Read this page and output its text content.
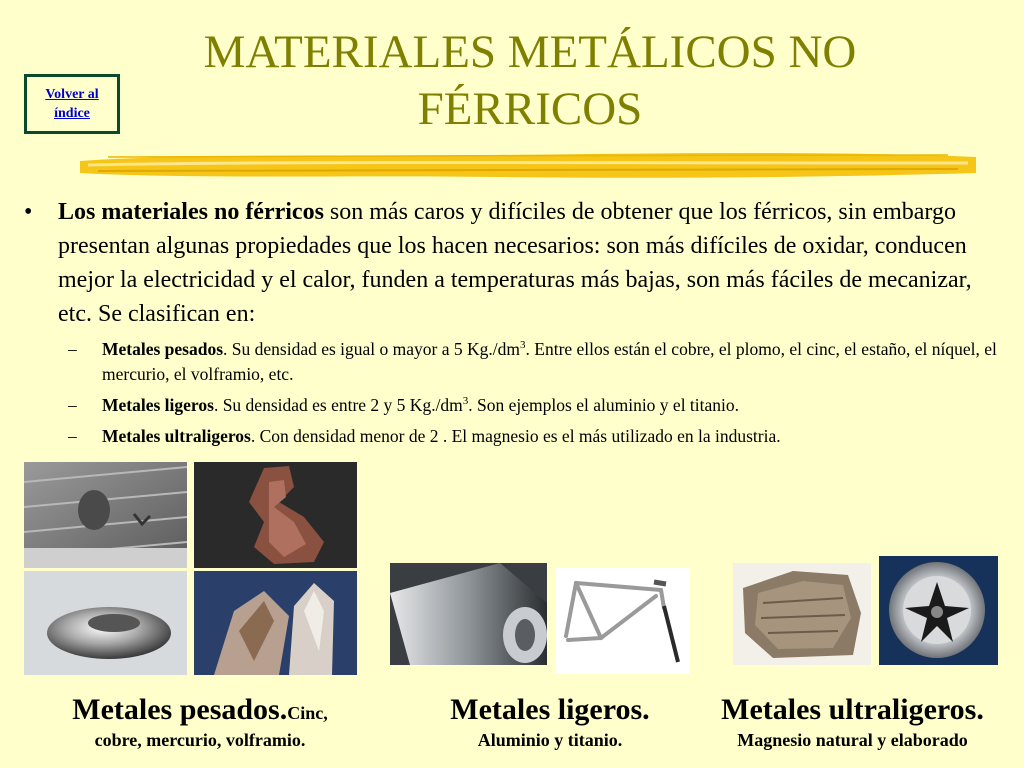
MATERIALES METÁLICOS NO FÉRRICOS
Volver al
índice
•	Los materiales no férricos son más caros y difíciles de obtener que los férricos, sin embargo presentan algunas propiedades que los hacen necesarios: son más difíciles de oxidar, conducen mejor la electricidad y el calor, funden a temperaturas más bajas, son más fáciles de mecanizar, etc. Se clasifican en:

–	Metales pesados. Su densidad es igual o mayor a 5 $Kg./dm^3$. Entre ellos están el cobre, el plomo, el cinc, el estaño, el níquel, el mercurio, el volframio, etc.

–	Metales ligeros. Su densidad es entre 2 y 5 $Kg./dm^3$. Son ejemplos el aluminio y el titanio.

–	Metales ultraligeros. Con densidad menor de 2 . El magnesio es el más utilizado en la industria.

Metales pesados.Cinc,
cobre, mercurio, volframio.
Metales ligeros.
Aluminio y titanio.
Metales ultraligeros.
Magnesio natural y elaborado
